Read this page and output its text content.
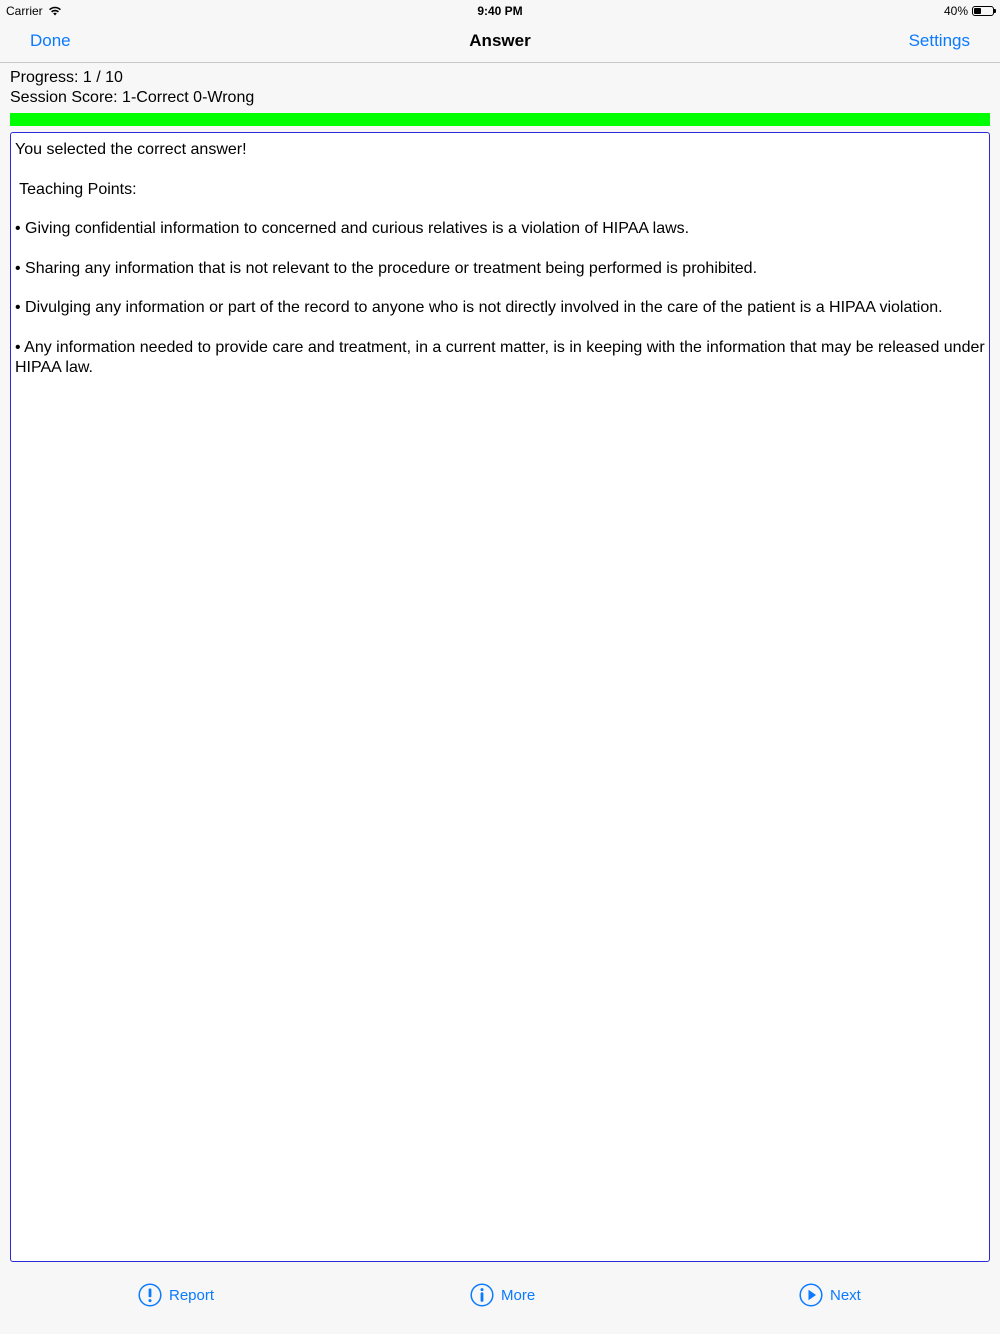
Carrier	9:40 PM	40%
Done	Answer	Settings
Progress: 1 / 10
Session Score: 1-Correct 0-Wrong

You selected the correct answer!

Teaching Points:

• Giving confidential information to concerned and curious relatives is a violation of HIPAA laws.

• Sharing any information that is not relevant to the procedure or treatment being performed is prohibited.

• Divulging any information or part of the record to anyone who is not directly involved in the care of the patient is a HIPAA violation.

• Any information needed to provide care and treatment, in a current matter, is in keeping with the information that may be released under HIPAA law.

Report	More	Next
